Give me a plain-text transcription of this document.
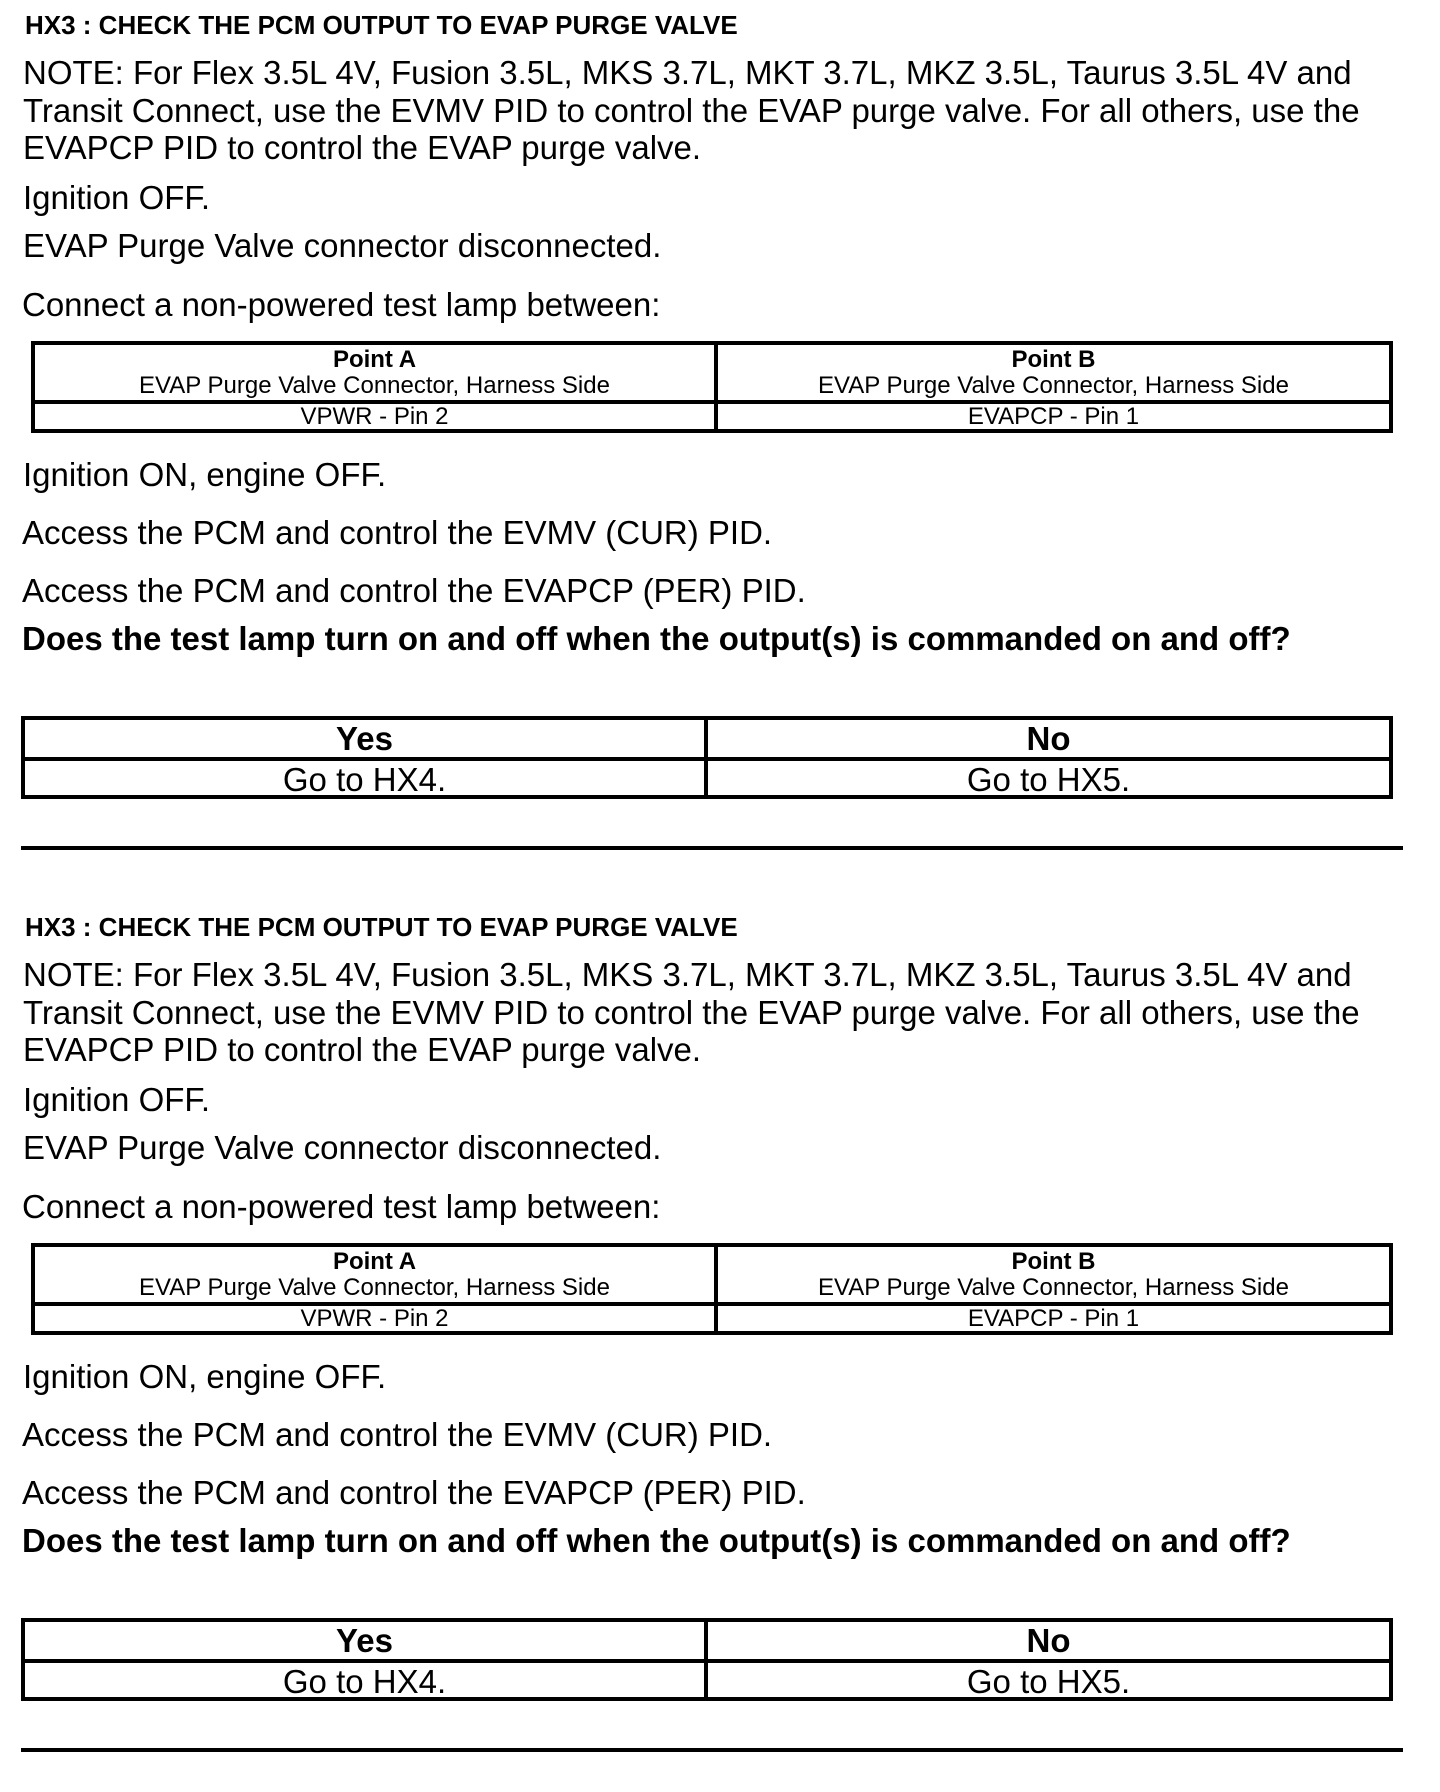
HX3 : CHECK THE PCM OUTPUT TO EVAP PURGE VALVE
NOTE: For Flex 3.5L 4V, Fusion 3.5L, MKS 3.7L, MKT 3.7L, MKZ 3.5L, Taurus 3.5L 4V and Transit Connect, use the EVMV PID to control the EVAP purge valve. For all others, use the EVAPCP PID to control the EVAP purge valve.
Ignition OFF.
EVAP Purge Valve connector disconnected.
Connect a non-powered test lamp between:
Point A
EVAP Purge Valve Connector, Harness Side
VPWR - Pin 2
Point B
EVAP Purge Valve Connector, Harness Side
EVAPCP - Pin 1
Ignition ON, engine OFF.
Access the PCM and control the EVMV (CUR) PID.
Access the PCM and control the EVAPCP (PER) PID.
Does the test lamp turn on and off when the output(s) is commanded on and off?
Yes
Go to HX4.
No
Go to HX5.
HX3 : CHECK THE PCM OUTPUT TO EVAP PURGE VALVE
NOTE: For Flex 3.5L 4V, Fusion 3.5L, MKS 3.7L, MKT 3.7L, MKZ 3.5L, Taurus 3.5L 4V and Transit Connect, use the EVMV PID to control the EVAP purge valve. For all others, use the EVAPCP PID to control the EVAP purge valve.
Ignition OFF.
EVAP Purge Valve connector disconnected.
Connect a non-powered test lamp between:
Point A
EVAP Purge Valve Connector, Harness Side
VPWR - Pin 2
Point B
EVAP Purge Valve Connector, Harness Side
EVAPCP - Pin 1
Ignition ON, engine OFF.
Access the PCM and control the EVMV (CUR) PID.
Access the PCM and control the EVAPCP (PER) PID.
Does the test lamp turn on and off when the output(s) is commanded on and off?
Yes
Go to HX4.
No
Go to HX5.
